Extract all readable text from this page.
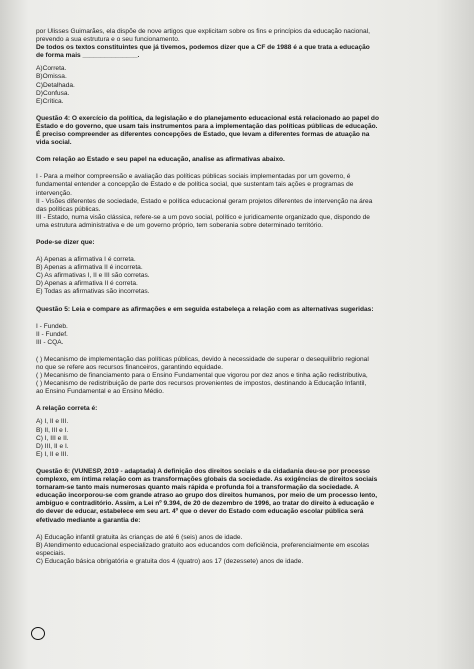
por Ulisses Guimarães, ela dispõe de nove artigos que explicitam sobre os fins e princípios da educação nacional,

prevendo a sua estrutura e o seu funcionamento.

De todos os textos constituintes que já tivemos, podemos dizer que a CF de 1988 é a que trata a educação

de forma mais _______________.

A) Correta.

B) Omissa.

C) Detalhada.

D) Confusa.

E) Crítica.

Questão 4: O exercício da política, da legislação e do planejamento educacional está relacionado ao papel do

Estado e do governo, que usam tais instrumentos para a implementação das políticas públicas de educação.

É preciso compreender as diferentes concepções de Estado, que levam a diferentes formas de atuação na

vida social.

Com relação ao Estado e seu papel na educação, analise as afirmativas abaixo.

I - Para a melhor compreensão e avaliação das políticas públicas sociais implementadas por um governo, é

fundamental entender a concepção de Estado e de política social, que sustentam tais ações e programas de

intervenção.

II - Visões diferentes de sociedade, Estado e política educacional geram projetos diferentes de intervenção na área

das políticas públicas.

III - Estado, numa visão clássica, refere-se a um povo social, político e juridicamente organizado que, dispondo de

uma estrutura administrativa e de um governo próprio, tem soberania sobre determinado território.

Pode-se dizer que:

A) Apenas a afirmativa I é correta.

B) Apenas a afirmativa II é incorreta.

C) As afirmativas I, II e III são corretas.

D) Apenas a afirmativa II é correta.

E) Todas as afirmativas são incorretas.

Questão 5: Leia e compare as afirmações e em seguida estabeleça a relação com as alternativas sugeridas:

I - Fundeb.

II - Fundef.

III - CQA.

( ) Mecanismo de implementação das políticas públicas, devido à necessidade de superar o desequilíbrio regional

no que se refere aos recursos financeiros, garantindo equidade.

( ) Mecanismo de financiamento para o Ensino Fundamental que vigorou por dez anos e tinha ação redistributiva,

( ) Mecanismo de redistribuição de parte dos recursos provenientes de impostos, destinando à Educação Infantil,

ao Ensino Fundamental e ao Ensino Médio.

A relação correta é:

A) I, II e III.

B) II, III e I.

C) I, III e II.

D) III, II e I.

E) I, II e III.

Questão 6: (VUNESP, 2019 - adaptada) A definição dos direitos sociais e da cidadania deu-se por processo

complexo, em íntima relação com as transformações globais da sociedade. As exigências de direitos sociais

tornaram-se tanto mais numerosas quanto mais rápida e profunda foi a transformação da sociedade. A

educação incorporou-se com grande atraso ao grupo dos direitos humanos, por meio de um processo lento,

ambíguo e contraditório. Assim, a Lei nº 9.394, de 20 de dezembro de 1996, ao tratar do direito à educação e

do dever de educar, estabelece em seu art. 4º que o dever do Estado com educação escolar pública será

efetivado mediante a garantia de:

A) Educação infantil gratuita às crianças de até 6 (seis) anos de idade.

B) Atendimento educacional especializado gratuito aos educandos com deficiência, preferencialmente em escolas

especiais.

C) Educação básica obrigatória e gratuita dos 4 (quatro) aos 17 (dezessete) anos de idade.
